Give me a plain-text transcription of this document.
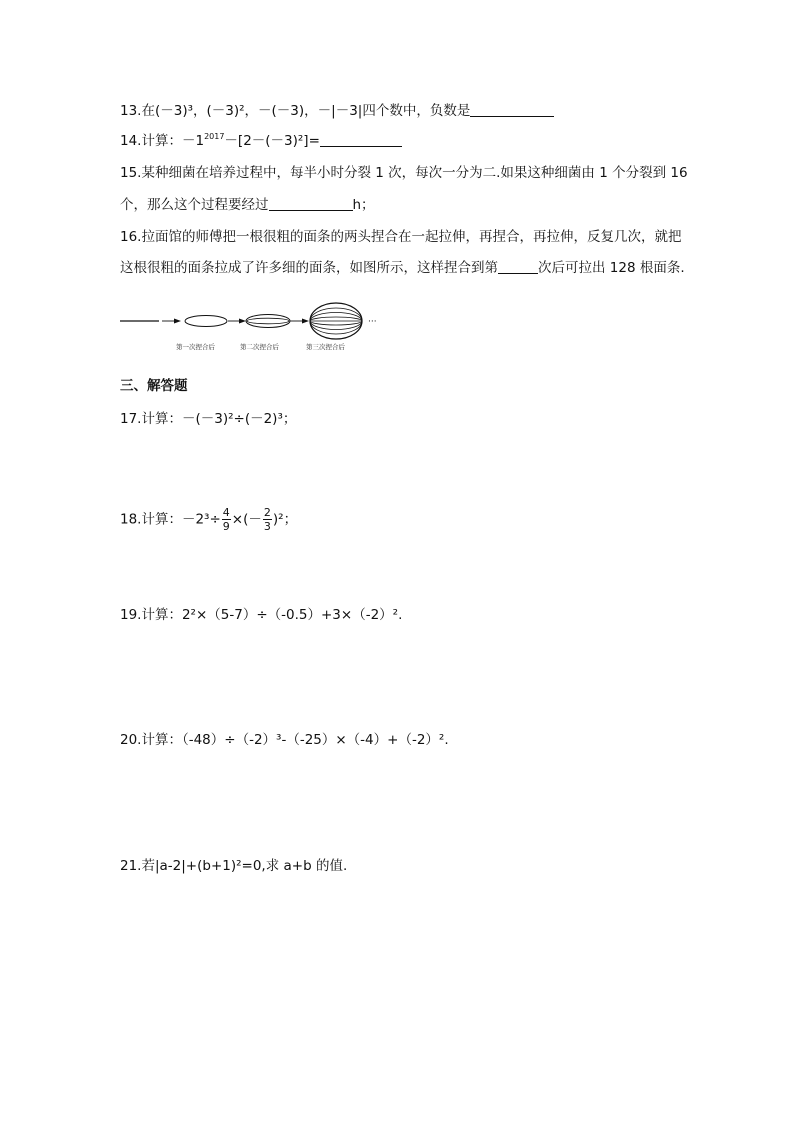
13.在(－3)³，(－3)²，－(－3)，－|－3|四个数中，负数是
14.计算：$-1^{2017}-[2-(-3)^2]=$
15.某种细菌在培养过程中，每半小时分裂 1 次，每次一分为二.如果这种细菌由 1 个分裂到 16
个，那么这个过程要经过	h；
16.拉面馆的师傅把一根很粗的面条的两头捏合在一起拉伸，再捏合，再拉伸，反复几次，就把
这根很粗的面条拉成了许多细的面条，如图所示，这样捏合到第	次后可拉出 128 根面条.
···
第一次捏合后	第二次捏合后	第三次捏合后
三、解答题
17.计算：－(－3)²÷(－2)³；
18.计算：$-2^3\div \frac{4}{9}$ ×(－ $\frac{2}{3} )^2$；
19.计算：2²×（5-7）÷（-0.5）+3×（-2）².
20.计算：（-48）÷（-2）³-（-25）×（-4）+（-2）².
21.若|a-2|+(b+1)²=0,求 a+b 的值.
